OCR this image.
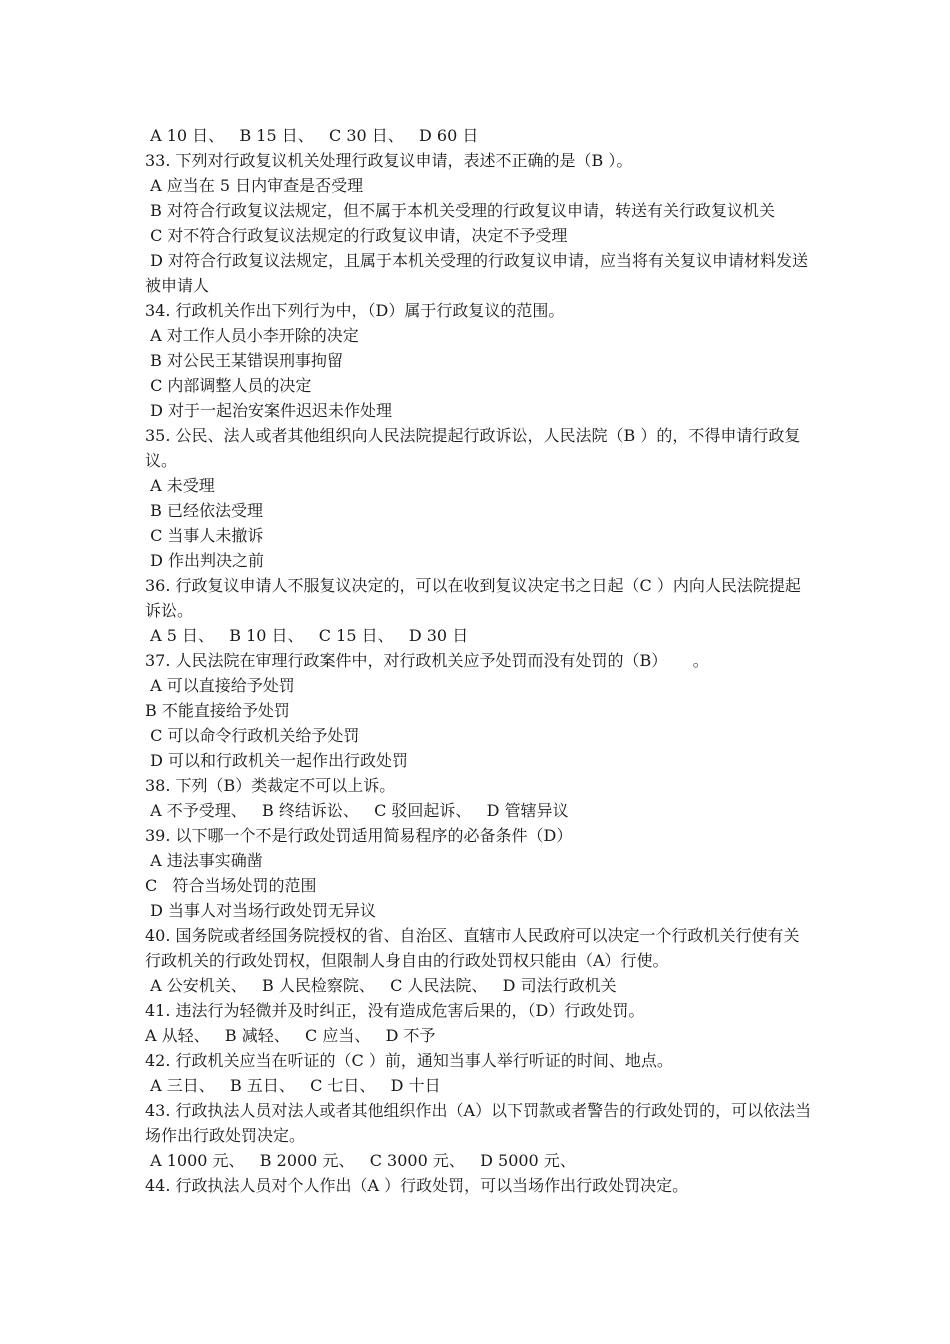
A 10 日、   B 15 日、   C 30 日、   D 60 日
33. 下列对行政复议机关处理行政复议申请，表述不正确的是（B ）。
A 应当在 5 日内审查是否受理
B 对符合行政复议法规定，但不属于本机关受理的行政复议申请，转送有关行政复议机关
C 对不符合行政复议法规定的行政复议申请，决定不予受理
D 对符合行政复议法规定，且属于本机关受理的行政复议申请，应当将有关复议申请材料发送被申请人
34. 行政机关作出下列行为中，（D）属于行政复议的范围。
A 对工作人员小李开除的决定
B 对公民王某错误刑事拘留
C 内部调整人员的决定
D 对于一起治安案件迟迟未作处理
35. 公民、法人或者其他组织向人民法院提起行政诉讼，人民法院（B ）的，不得申请行政复议。
A 未受理
B 已经依法受理
C 当事人未撤诉
D 作出判决之前
36. 行政复议申请人不服复议决定的，可以在收到复议决定书之日起（C ）内向人民法院提起诉讼。
A 5 日、   B 10 日、   C 15 日、   D 30 日
37. 人民法院在审理行政案件中，对行政机关应予处罚而没有处罚的（B）     。
A 可以直接给予处罚
B 不能直接给予处罚
C 可以命令行政机关给予处罚
D 可以和行政机关一起作出行政处罚
38. 下列（B）类裁定不可以上诉。
A 不予受理、   B 终结诉讼、   C 驳回起诉、   D 管辖异议
39. 以下哪一个不是行政处罚适用简易程序的必备条件（D）
A 违法事实确凿
C   符合当场处罚的范围
D 当事人对当场行政处罚无异议
40. 国务院或者经国务院授权的省、自治区、直辖市人民政府可以决定一个行政机关行使有关行政机关的行政处罚权，但限制人身自由的行政处罚权只能由（A）行使。
A 公安机关、   B 人民检察院、   C 人民法院、   D 司法行政机关
41. 违法行为轻微并及时纠正，没有造成危害后果的，（D）行政处罚。
A 从轻、   B 减轻、   C 应当、   D 不予
42. 行政机关应当在听证的（C ）前，通知当事人举行听证的时间、地点。
A 三日、   B 五日、   C 七日、   D 十日
43. 行政执法人员对法人或者其他组织作出（A）以下罚款或者警告的行政处罚的，可以依法当场作出行政处罚决定。
A 1000 元、   B 2000 元、   C 3000 元、   D 5000 元、
44. 行政执法人员对个人作出（A ）行政处罚，可以当场作出行政处罚决定。
